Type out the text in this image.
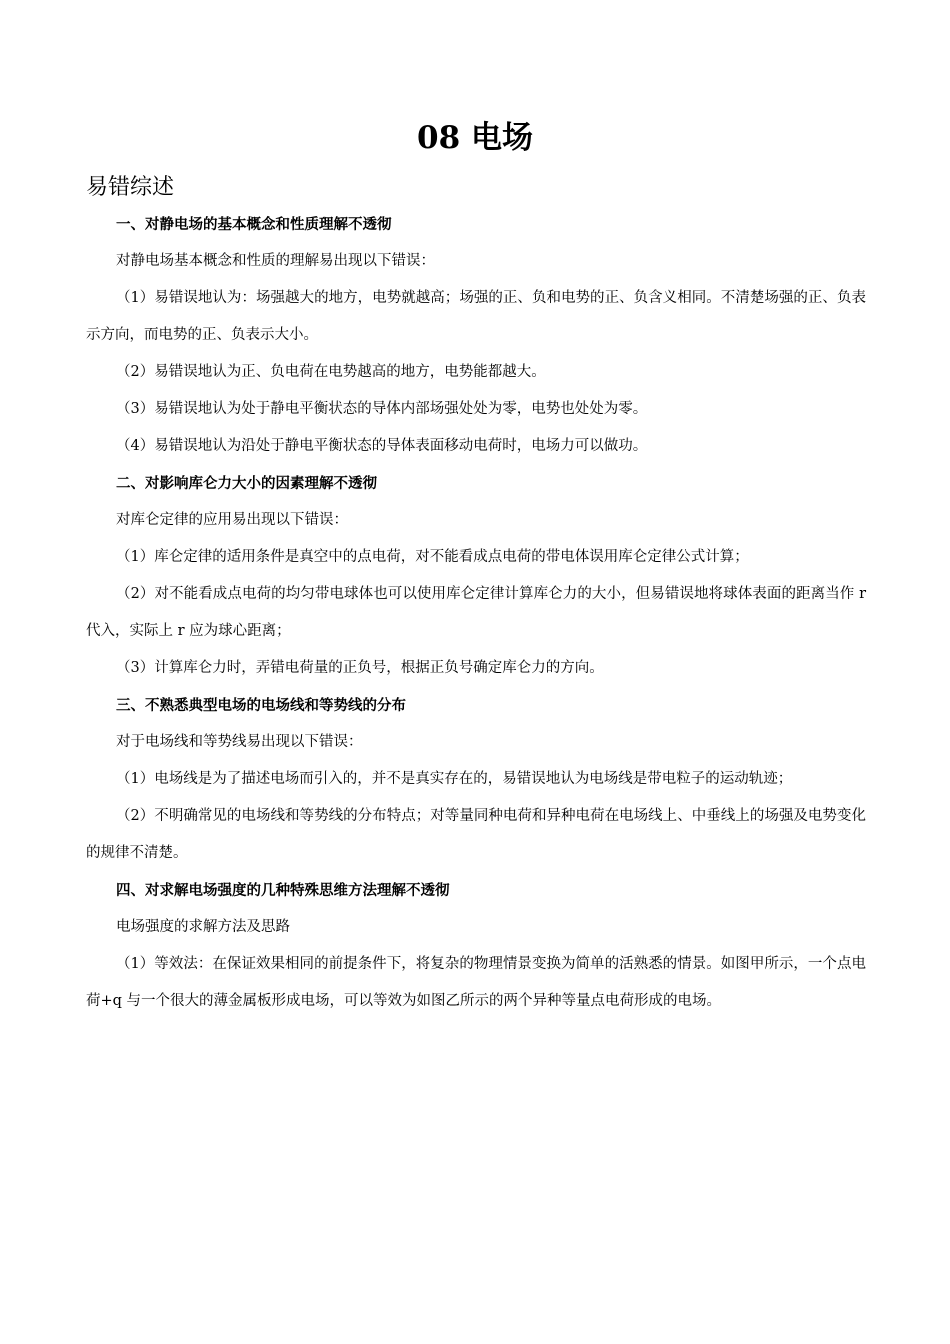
08 电场
易错综述
一、对静电场的基本概念和性质理解不透彻

对静电场基本概念和性质的理解易出现以下错误：

（1）易错误地认为：场强越大的地方，电势就越高；场强的正、负和电势的正、负含义相同。不清楚场强的正、负表示方向，而电势的正、负表示大小。

（2）易错误地认为正、负电荷在电势越高的地方，电势能都越大。

（3）易错误地认为处于静电平衡状态的导体内部场强处处为零，电势也处处为零。

（4）易错误地认为沿处于静电平衡状态的导体表面移动电荷时，电场力可以做功。

二、对影响库仑力大小的因素理解不透彻

对库仑定律的应用易出现以下错误：

（1）库仑定律的适用条件是真空中的点电荷，对不能看成点电荷的带电体误用库仑定律公式计算；

（2）对不能看成点电荷的均匀带电球体也可以使用库仑定律计算库仑力的大小，但易错误地将球体表面的距离当作 r 代入，实际上 r 应为球心距离；

（3）计算库仑力时，弄错电荷量的正负号，根据正负号确定库仑力的方向。

三、不熟悉典型电场的电场线和等势线的分布

对于电场线和等势线易出现以下错误：

（1）电场线是为了描述电场而引入的，并不是真实存在的，易错误地认为电场线是带电粒子的运动轨迹；

（2）不明确常见的电场线和等势线的分布特点；对等量同种电荷和异种电荷在电场线上、中垂线上的场强及电势变化的规律不清楚。

四、对求解电场强度的几种特殊思维方法理解不透彻

电场强度的求解方法及思路

（1）等效法：在保证效果相同的前提条件下，将复杂的物理情景变换为简单的活熟悉的情景。如图甲所示，一个点电荷+q 与一个很大的薄金属板形成电场，可以等效为如图乙所示的两个异种等量点电荷形成的电场。
